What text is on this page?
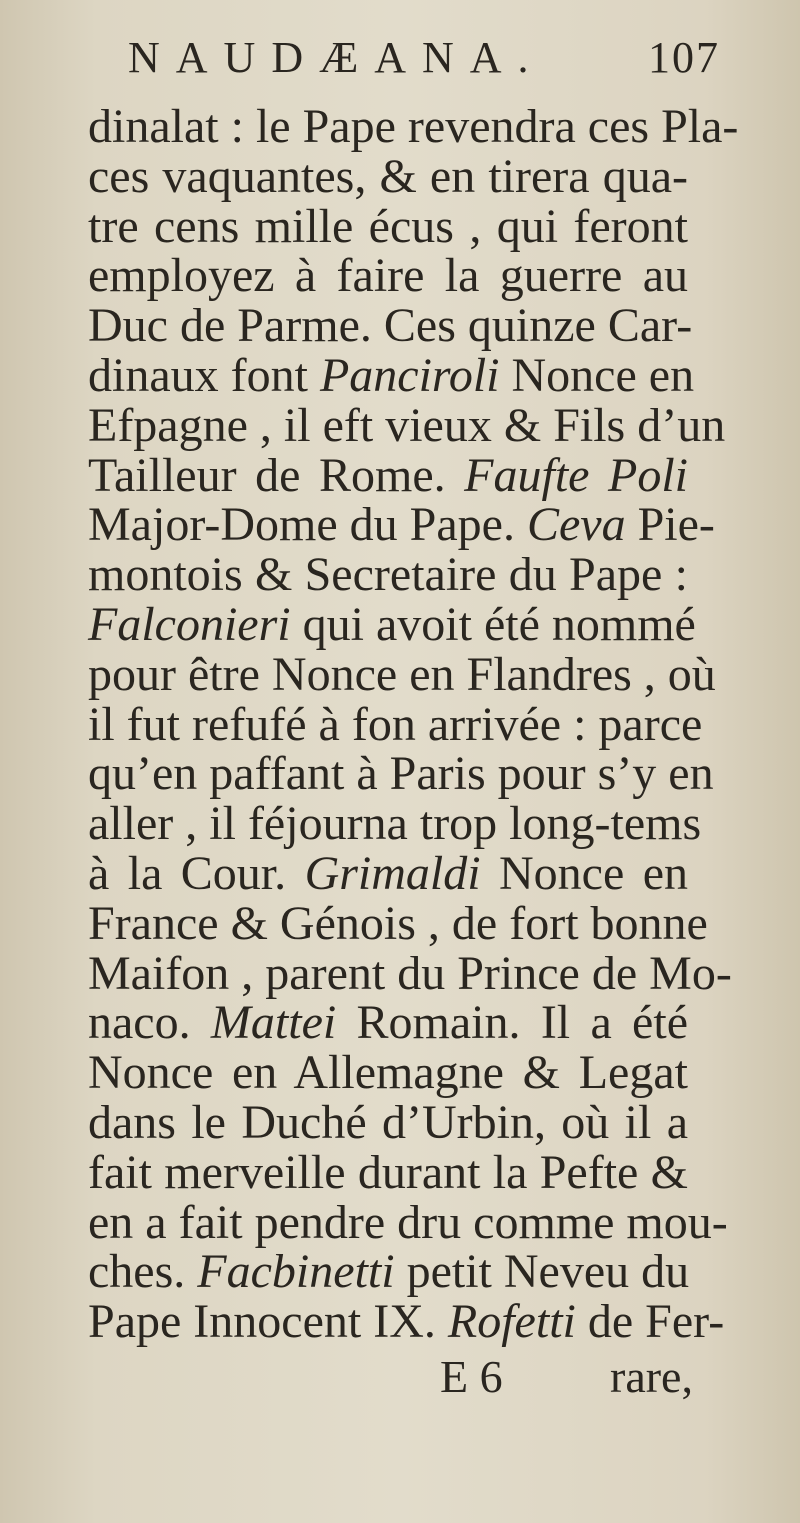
NAUDÆANA. 107
dinalat : le Pape revendra ces Pla-
ces vaquantes, & en tirera qua-
tre cens mille écus , qui feront
employez à faire la guerre au
Duc de Parme. Ces quinze Car-
dinaux font Panciroli Nonce en
Efpagne , il eft vieux & Fils d’un
Tailleur de Rome. Faufte Poli
Major-Dome du Pape. Ceva Pie-
montois & Secretaire du Pape :
Falconieri qui avoit été nommé
pour être Nonce en Flandres , où
il fut refufé à fon arrivée : parce
qu’en paffant à Paris pour s’y en
aller , il féjourna trop long-tems
à la Cour. Grimaldi Nonce en
France & Génois , de fort bonne
Maifon , parent du Prince de Mo-
naco. Mattei Romain. Il a été
Nonce en Allemagne & Legat
dans le Duché d’Urbin, où il a
fait merveille durant la Pefte &
en a fait pendre dru comme mou-
ches. Facbinetti petit Neveu du
Pape Innocent IX. Rofetti de Fer-
E 6 rare,
